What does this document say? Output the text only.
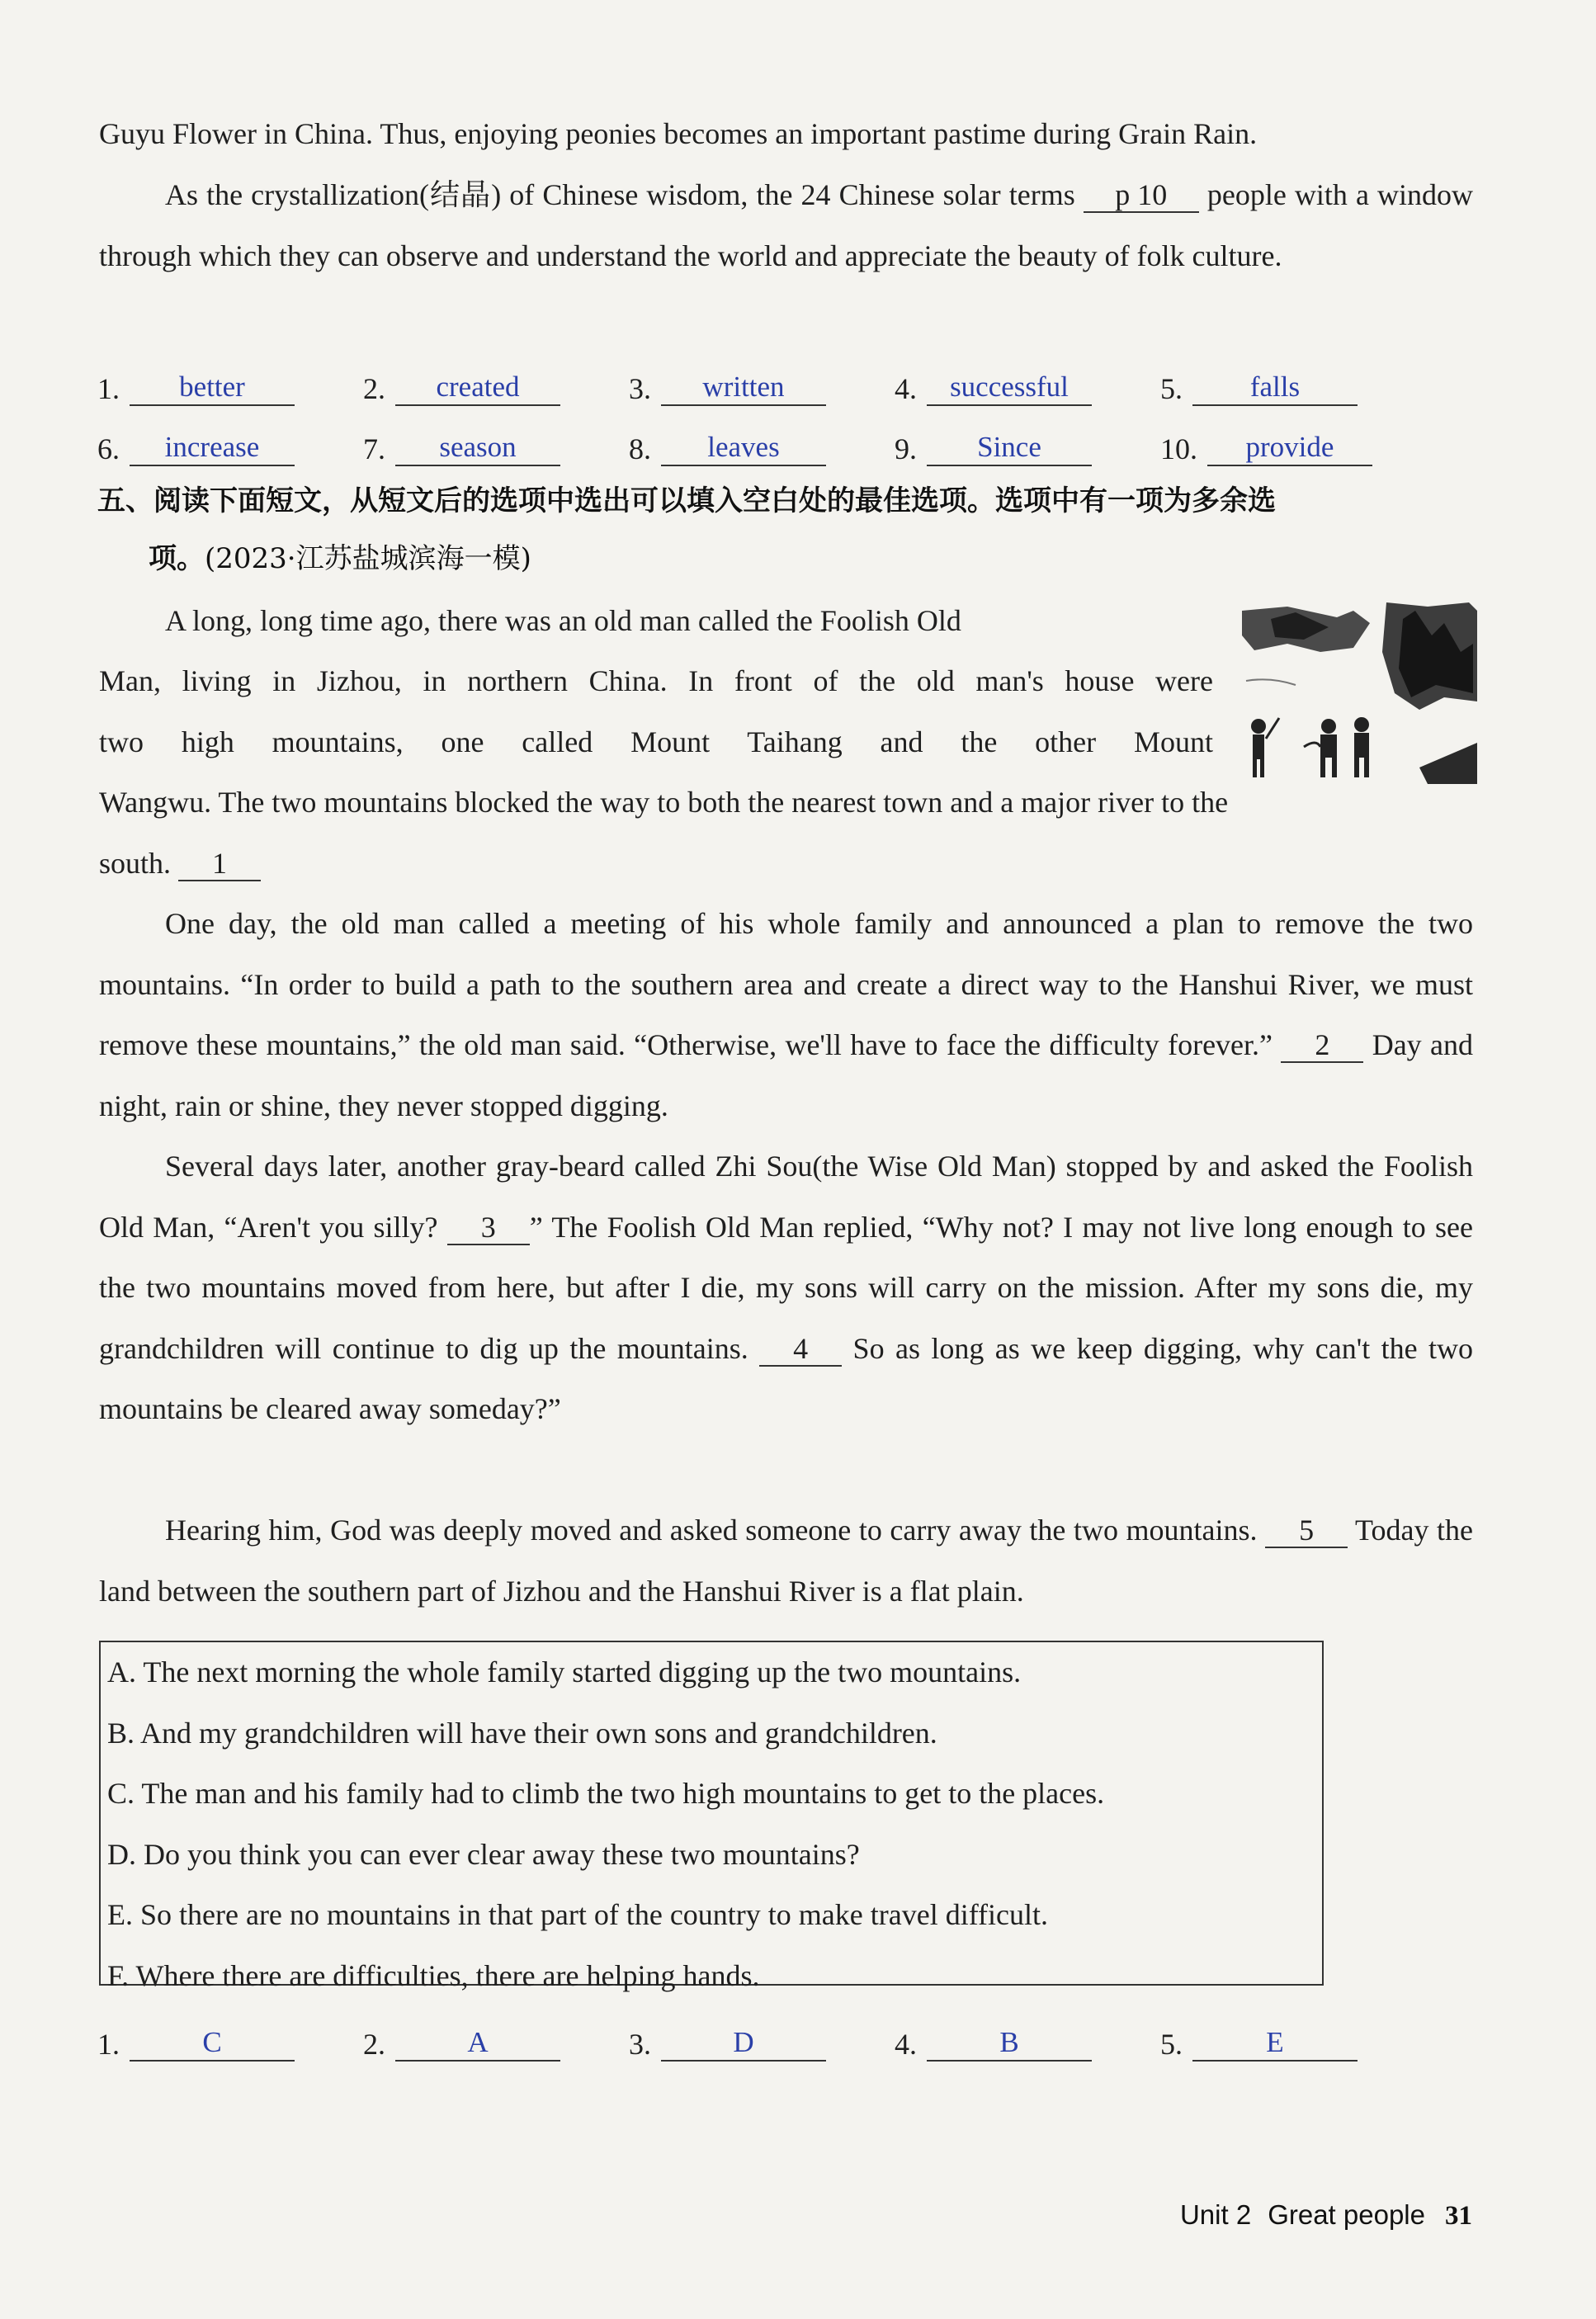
Guyu Flower in China. Thus, enjoying peonies becomes an important pastime during Grain Rain.
As the crystallization(结晶) of Chinese wisdom, the 24 Chinese solar terms p 10 people with a window through which they can observe and understand the world and appreciate the beauty of folk culture.
1.	better	2.	created	3.	written	4.	successful	5.	falls
6.	increase	7.	season	8.	leaves	9.	Since	10.	provide
五、阅读下面短文，从短文后的选项中选出可以填入空白处的最佳选项。选项中有一项为多余选
项。(2023·江苏盐城滨海一模)
A long, long time ago, there was an old man called the Foolish Old
Man, living in Jizhou, in northern China. In front of the old man's house were
two high mountains, one called Mount Taihang and the other Mount
Wangwu. The two mountains blocked the way to both the nearest town and a major river to the
south. 1
One day, the old man called a meeting of his whole family and announced a plan to remove the two mountains. “In order to build a path to the southern area and create a direct way to the Hanshui River, we must remove these mountains,” the old man said. “Otherwise, we'll have to face the difficulty forever.” 2 Day and night, rain or shine, they never stopped digging.
Several days later, another gray-beard called Zhi Sou(the Wise Old Man) stopped by and asked the Foolish Old Man, “Aren't you silly? 3 ” The Foolish Old Man replied, “Why not? I may not live long enough to see the two mountains moved from here, but after I die, my sons will carry on the mission. After my sons die, my grandchildren will continue to dig up the mountains. 4 So as long as we keep digging, why can't the two mountains be cleared away someday?”
Hearing him, God was deeply moved and asked someone to carry away the two mountains. 5 Today the land between the southern part of Jizhou and the Hanshui River is a flat plain.
A. The next morning the whole family started digging up the two mountains.
B. And my grandchildren will have their own sons and grandchildren.
C. The man and his family had to climb the two high mountains to get to the places.
D. Do you think you can ever clear away these two mountains?
E. So there are no mountains in that part of the country to make travel difficult.
F. Where there are difficulties, there are helping hands.
1.	C	2.	A	3.	D	4.	B	5.	E
Unit 2 Great people 31
